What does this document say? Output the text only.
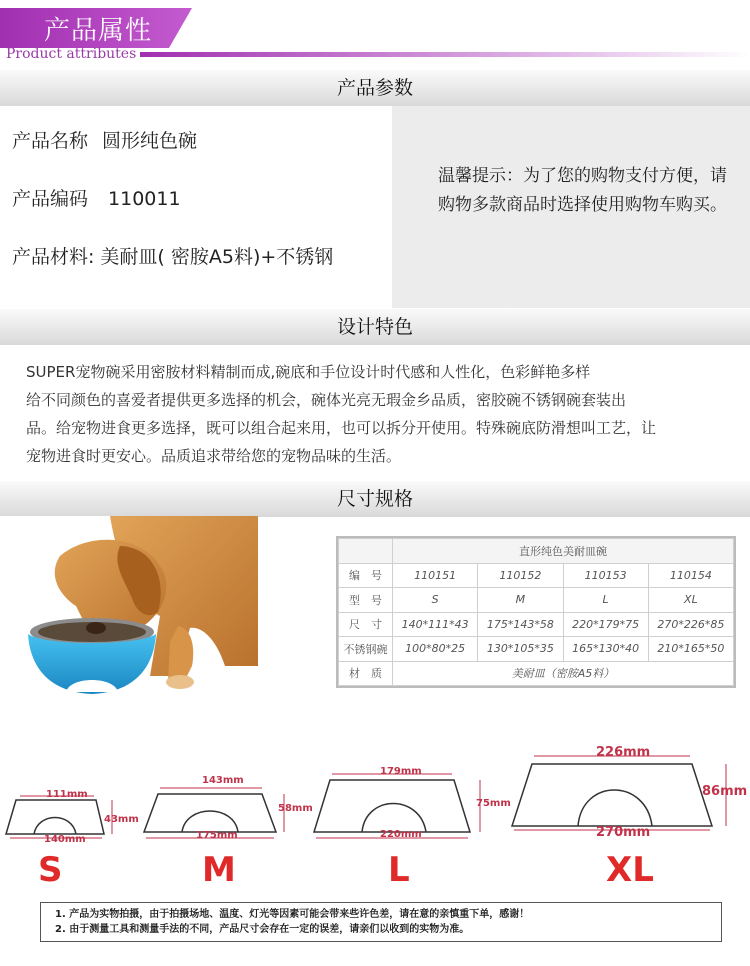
产品属性
Product attributes
产品参数
产品名称 圆形纯色碗
产品编码 110011
产品材料: 美耐皿( 密胺A5料)+不锈钢
温馨提示：为了您的购物支付方便，请购物多款商品时选择使用购物车购买。
设计特色
SUPER宠物碗采用密胺材料精制而成,碗底和手位设计时代感和人性化，色彩鲜艳多样
给不同颜色的喜爱者提供更多选择的机会，碗体光亮无瑕金乡品质，密胶碗不锈钢碗套装出
品。给宠物进食更多选择，既可以组合起来用，也可以拆分开使用。特殊碗底防滑想叫工艺，让
宠物进食时更安心。品质追求带给您的宠物品味的生活。
尺寸规格
	直形纯色美耐皿碗			
编　号	110151	110152	110153	110154
型　号	S	M	L	XL
尺　寸	140*111*43	175*143*58	220*179*75	270*226*85
不锈钢碗	100*80*25	130*105*35	165*130*40	210*165*50
材　质	美耐皿（密胺A5料）			
111mm
140mm
43mm
143mm
175mm
58mm
179mm
220mm
75mm
226mm
270mm
86mm
S	M	L	XL
1. 产品为实物拍摄，由于拍摄场地、温度、灯光等因素可能会带来些许色差，请在意的亲慎重下单，感谢！
2. 由于测量工具和测量手法的不同，产品尺寸会存在一定的误差，请亲们以收到的实物为准。
